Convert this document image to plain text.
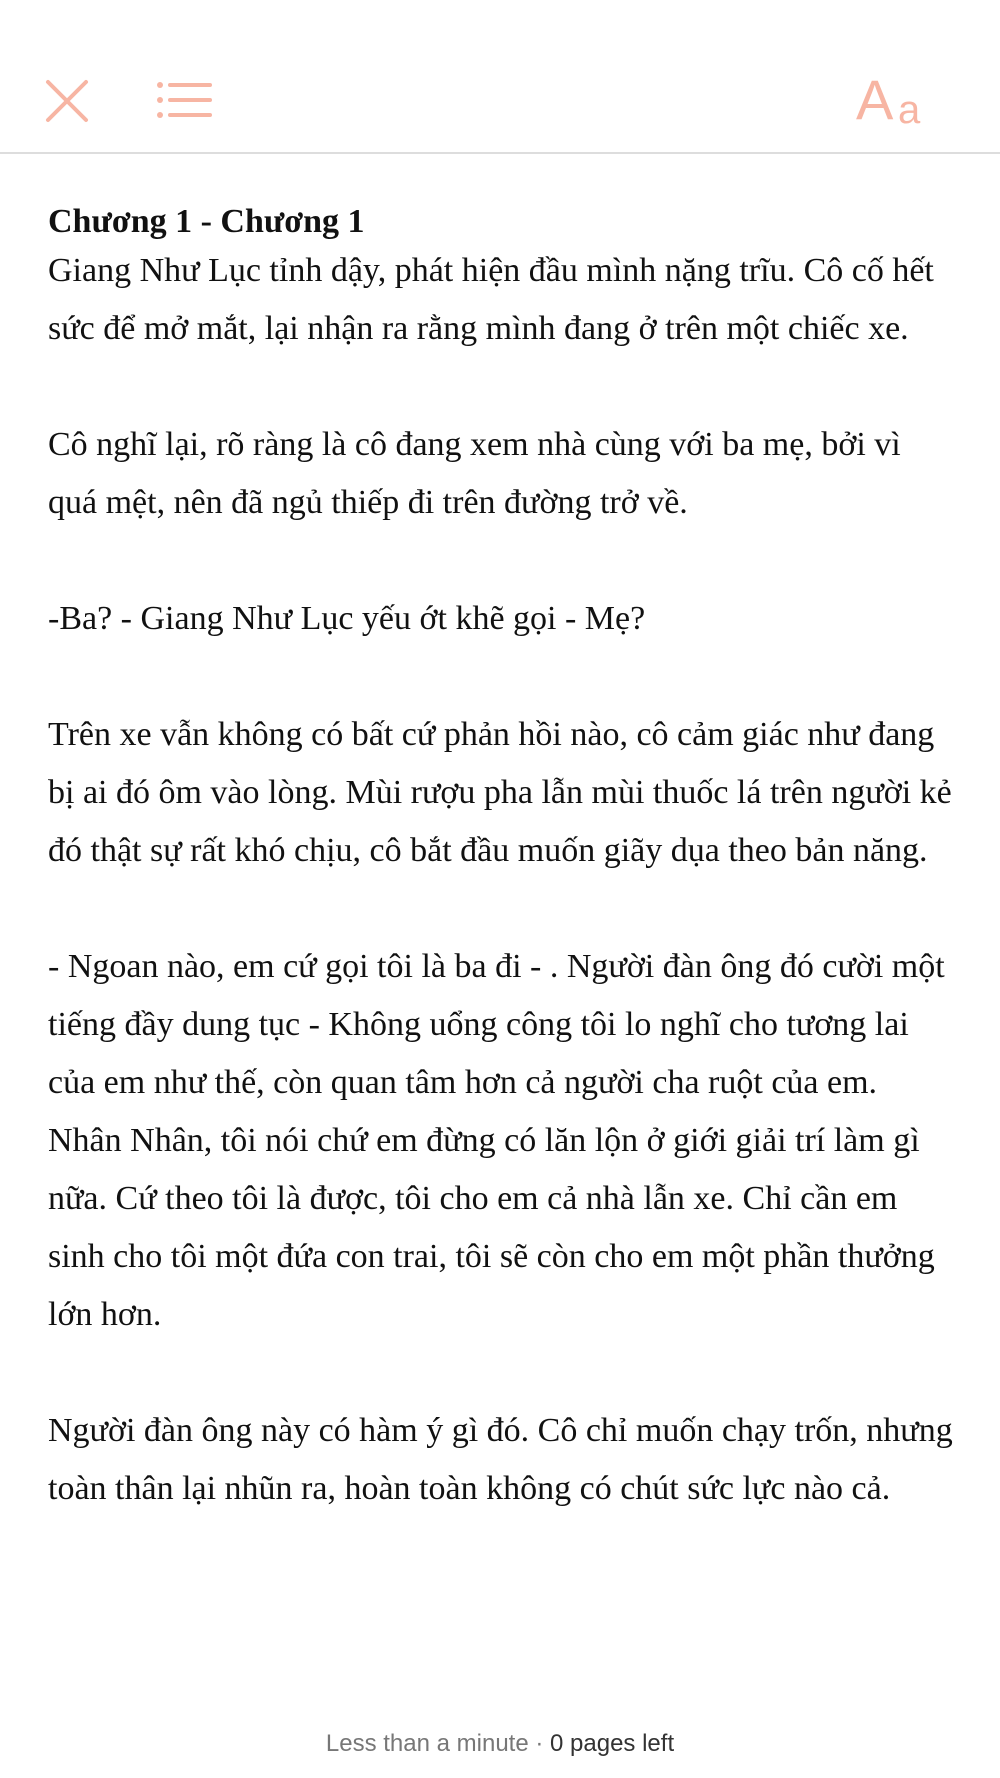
A a
Chương 1 - Chương 1

Giang Như Lục tỉnh dậy, phát hiện đầu mình nặng trĩu. Cô cố hết sức để mở mắt, lại nhận ra rằng mình đang ở trên một chiếc xe.

Cô nghĩ lại, rõ ràng là cô đang xem nhà cùng với ba mẹ, bởi vì quá mệt, nên đã ngủ thiếp đi trên đường trở về.

-Ba? - Giang Như Lục yếu ớt khẽ gọi - Mẹ?

Trên xe vẫn không có bất cứ phản hồi nào, cô cảm giác như đang bị ai đó ôm vào lòng. Mùi rượu pha lẫn mùi thuốc lá trên người kẻ đó thật sự rất khó chịu, cô bắt đầu muốn giãy dụa theo bản năng.

- Ngoan nào, em cứ gọi tôi là ba đi - . Người đàn ông đó cười một tiếng đầy dung tục - Không uổng công tôi lo nghĩ cho tương lai của em như thế, còn quan tâm hơn cả người cha ruột của em. Nhân Nhân, tôi nói chứ em đừng có lăn lộn ở giới giải trí làm gì nữa. Cứ theo tôi là được, tôi cho em cả nhà lẫn xe. Chỉ cần em sinh cho tôi một đứa con trai, tôi sẽ còn cho em một phần thưởng lớn hơn.

Người đàn ông này có hàm ý gì đó. Cô chỉ muốn chạy trốn, nhưng toàn thân lại nhũn ra, hoàn toàn không có chút sức lực nào cả.

Less than a minute · 0 pages left
